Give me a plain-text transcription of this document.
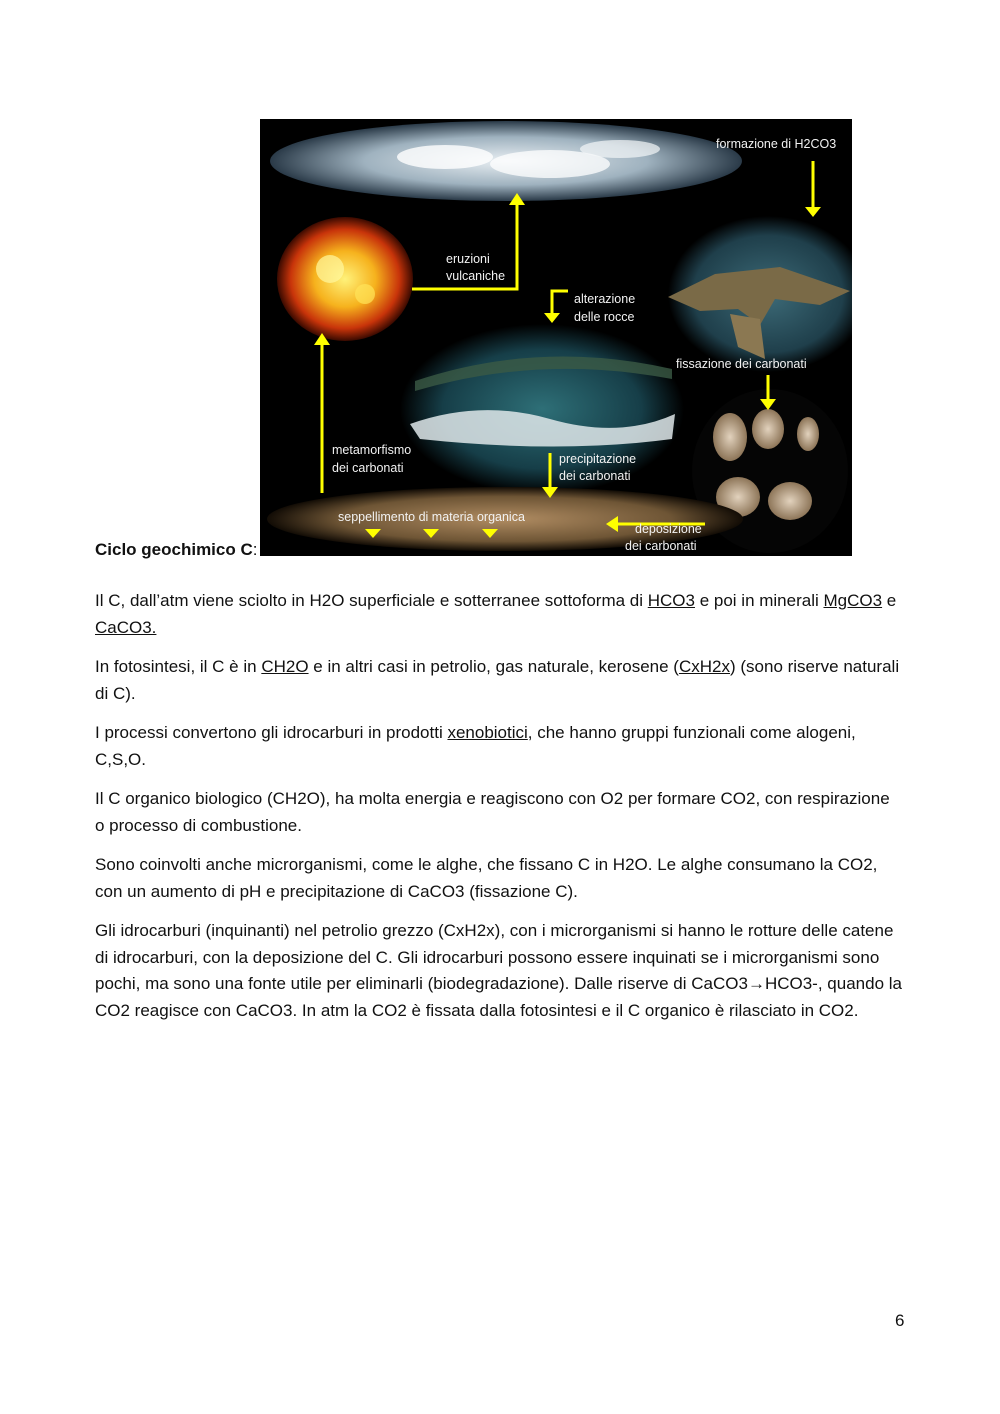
Ciclo geochimico C:
formazione di H2CO3
eruzioni
vulcaniche
alterazione
delle rocce
fissazione dei carbonati
metamorfismo
dei carbonati
precipitazione
dei carbonati
seppellimento di materia organica
deposizione
dei carbonati

Il C, dall’atm viene sciolto in H2O superficiale e sotterranee sottoforma di HCO3 e poi in minerali MgCO3 e CaCO3.

In fotosintesi, il C è in CH2O e in altri casi in petrolio, gas naturale, kerosene (CxH2x) (sono riserve naturali di C).

I processi convertono gli idrocarburi in prodotti xenobiotici, che hanno gruppi funzionali come alogeni, C,S,O.

Il C organico biologico (CH2O), ha molta energia e reagiscono con O2 per formare CO2, con respirazione o processo di combustione.

Sono coinvolti anche microrganismi, come le alghe, che fissano C in H2O. Le alghe consumano la CO2, con un aumento di pH e precipitazione di CaCO3 (fissazione C).

Gli idrocarburi (inquinanti) nel petrolio grezzo (CxH2x), con i microrganismi si hanno le rotture delle catene di idrocarburi, con la deposizione del C. Gli idrocarburi possono essere inquinati se i microrganismi sono pochi, ma sono una fonte utile per eliminarli (biodegradazione). Dalle riserve di CaCO3→HCO3-, quando la CO2 reagisce con CaCO3. In atm la CO2 è fissata dalla fotosintesi e il C organico è rilasciato in CO2.

6
